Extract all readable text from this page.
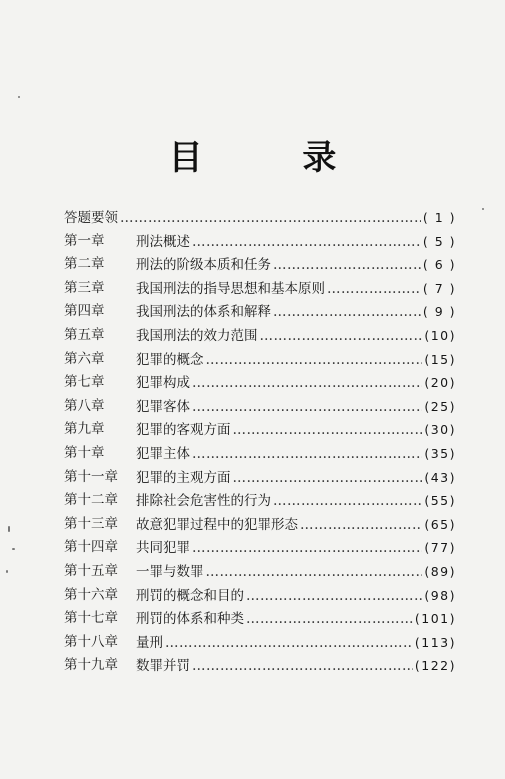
目 录
答题要领 ……………………………………………………………………………………………………	( 1 )
第一章 刑法概述 ……………………………………………………………………………………………………	( 5 )
第二章 刑法的阶级本质和任务 ……………………………………………………………………………………………………	( 6 )
第三章 我国刑法的指导思想和基本原则 ……………………………………………………………………………………………………	( 7 )
第四章 我国刑法的体系和解释 ……………………………………………………………………………………………………	( 9 )
第五章 我国刑法的效力范围 ……………………………………………………………………………………………………	(10)
第六章 犯罪的概念 ……………………………………………………………………………………………………	(15)
第七章 犯罪构成 ……………………………………………………………………………………………………	(20)
第八章 犯罪客体 ……………………………………………………………………………………………………	(25)
第九章 犯罪的客观方面 ……………………………………………………………………………………………………	(30)
第十章 犯罪主体 ……………………………………………………………………………………………………	(35)
第十一章 犯罪的主观方面 ……………………………………………………………………………………………………	(43)
第十二章 排除社会危害性的行为 ……………………………………………………………………………………………………	(55)
第十三章 故意犯罪过程中的犯罪形态 ……………………………………………………………………………………………………	(65)
第十四章 共同犯罪 ……………………………………………………………………………………………………	(77)
第十五章 一罪与数罪 ……………………………………………………………………………………………………	(89)
第十六章 刑罚的概念和目的 ……………………………………………………………………………………………………	(98)
第十七章 刑罚的体系和种类 ……………………………………………………………………………………………………	(101)
第十八章 量刑 ……………………………………………………………………………………………………	(113)
第十九章 数罪并罚 ……………………………………………………………………………………………………	(122)
